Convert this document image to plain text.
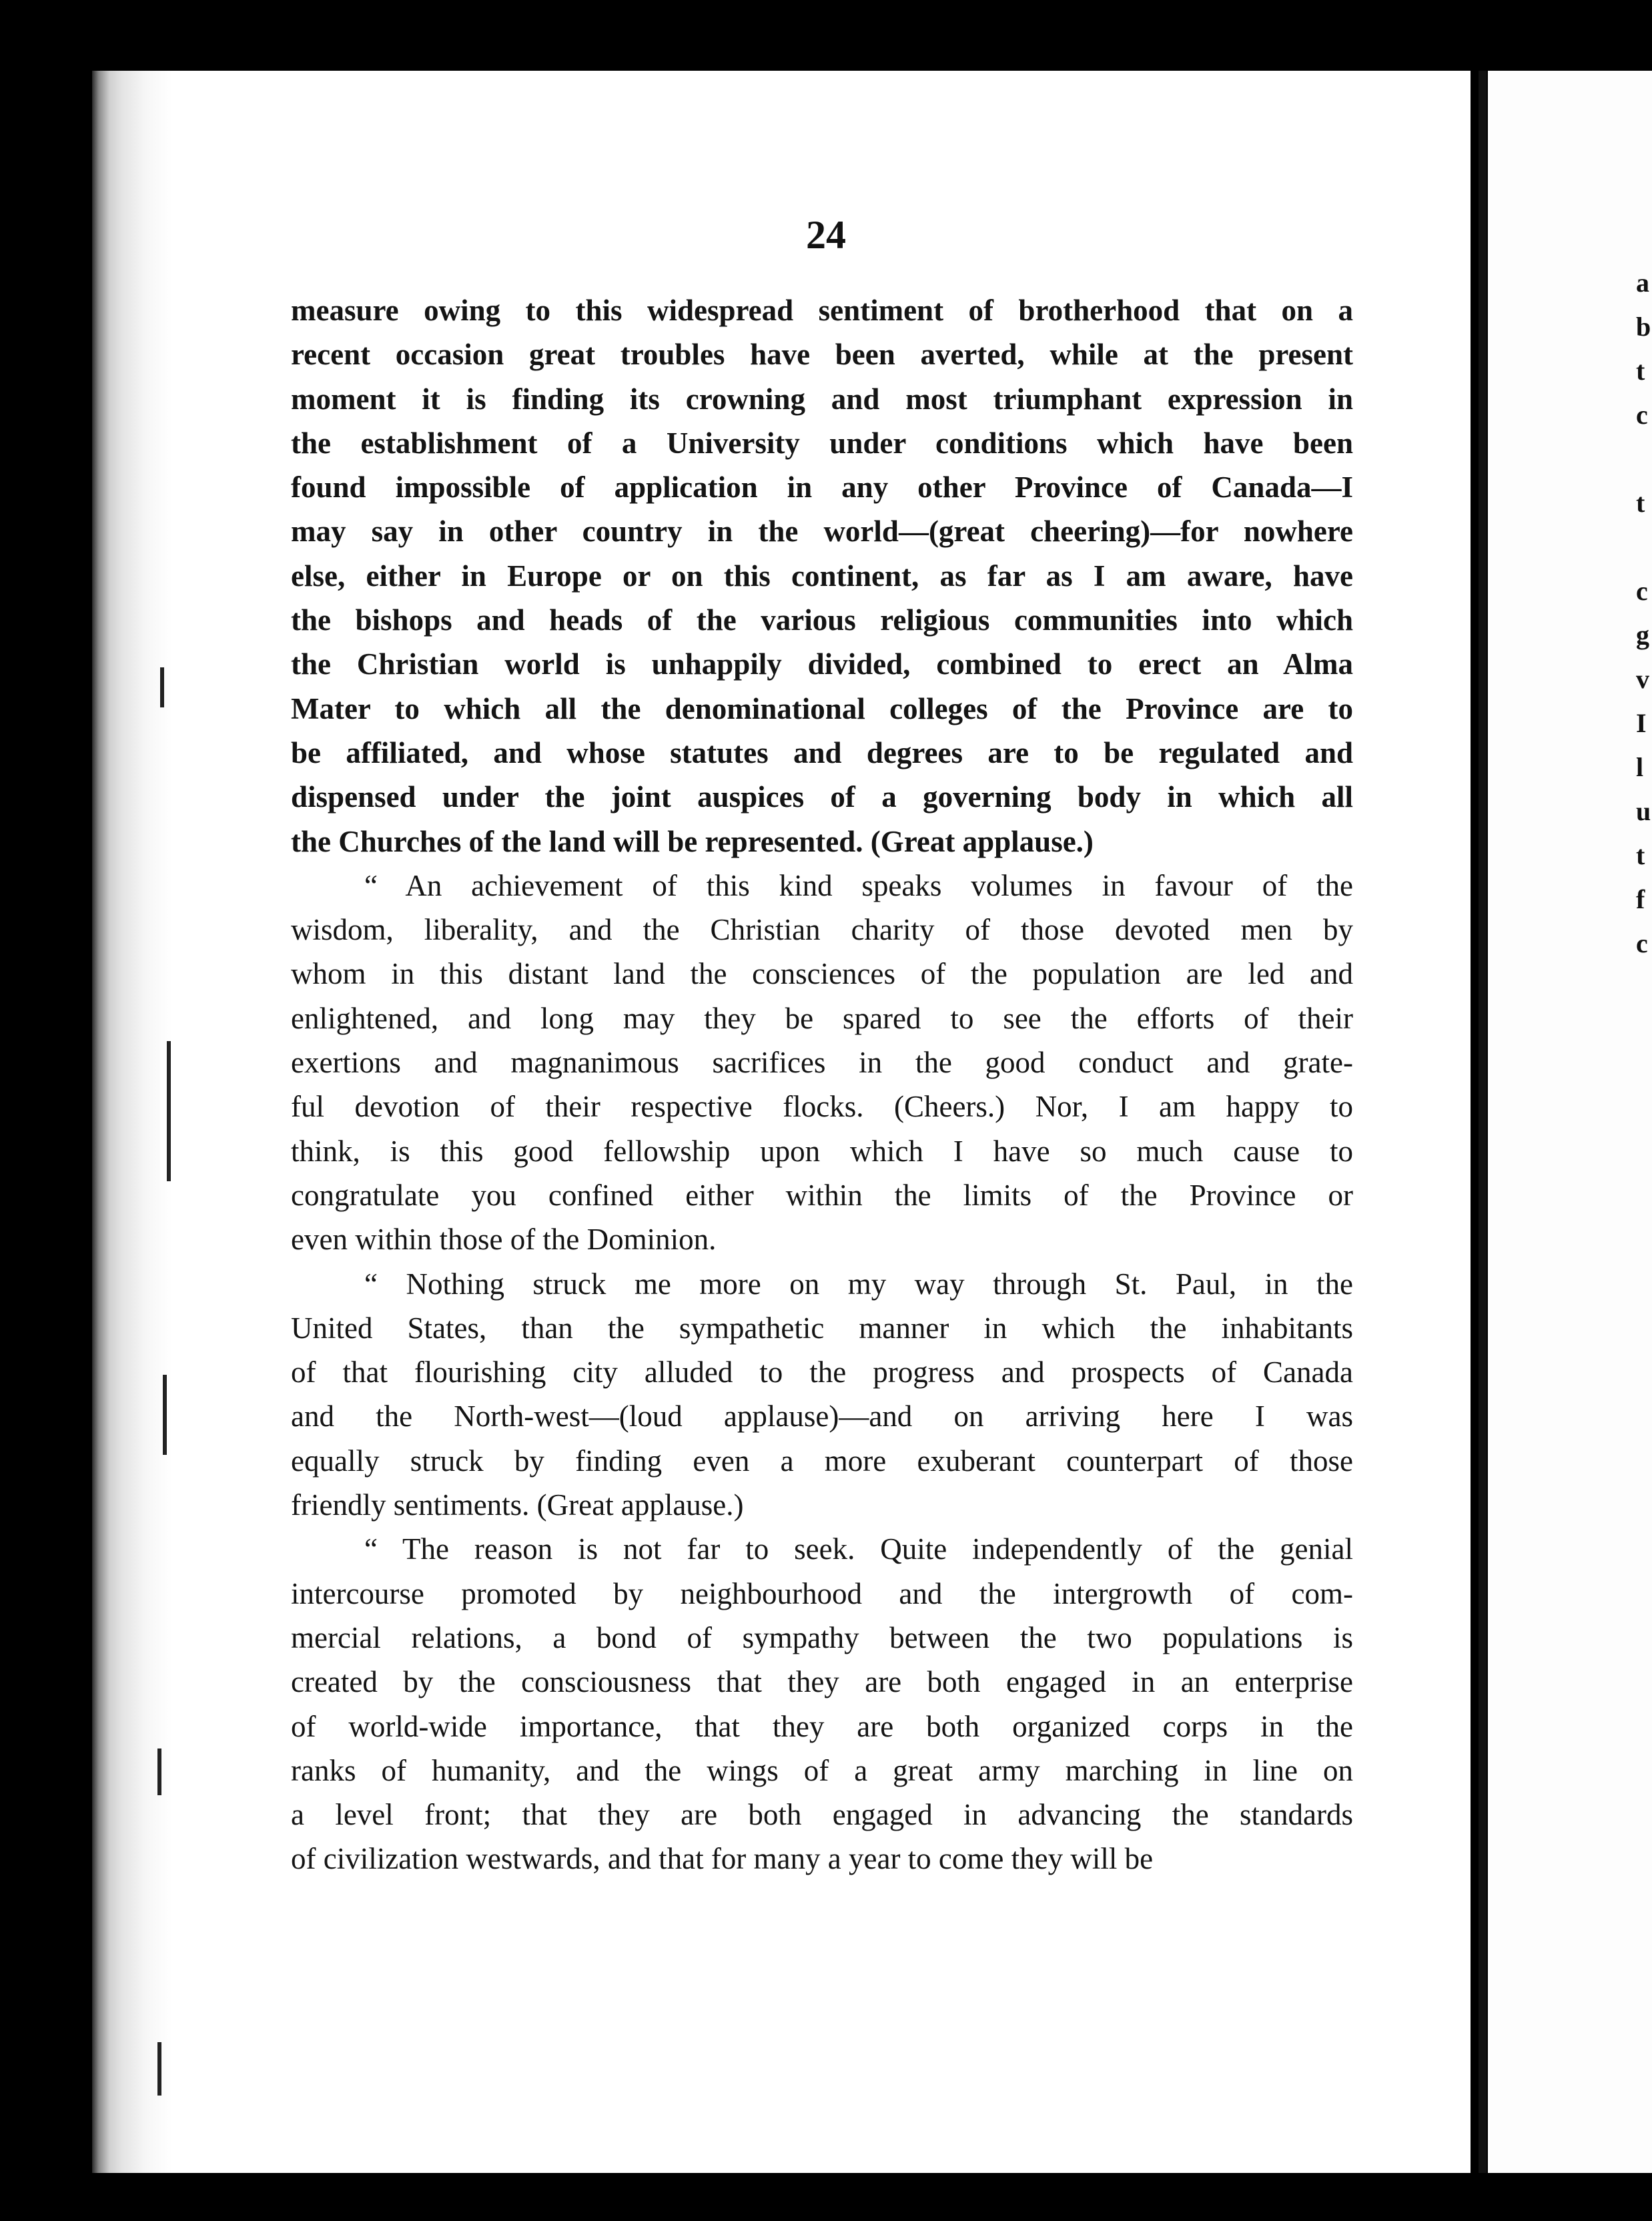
a
b
t
c
t
c
g
v
I
l
u
t
f
c
24
measure owing to this widespread sentiment of brotherhood that on a
recent occasion great troubles have been averted, while at the present
moment it is finding its crowning and most triumphant expression in
the establishment of a University under conditions which have been
found impossible of application in any other Province of Canada—I
may say in other country in the world—(great cheering)—for nowhere
else, either in Europe or on this continent, as far as I am aware, have
the bishops and heads of the various religious communities into which
the Christian world is unhappily divided, combined to erect an Alma
Mater to which all the denominational colleges of the Province are to
be affiliated, and whose statutes and degrees are to be regulated and
dispensed under the joint auspices of a governing body in which all
the Churches of the land will be represented. (Great applause.)
“ An achievement of this kind speaks volumes in favour of the
wisdom, liberality, and the Christian charity of those devoted men by
whom in this distant land the consciences of the population are led and
enlightened, and long may they be spared to see the efforts of their
exertions and magnanimous sacrifices in the good conduct and grate-
ful devotion of their respective flocks. (Cheers.) Nor, I am happy to
think, is this good fellowship upon which I have so much cause to
congratulate you confined either within the limits of the Province or
even within those of the Dominion.
“ Nothing struck me more on my way through St. Paul, in the
United States, than the sympathetic manner in which the inhabitants
of that flourishing city alluded to the progress and prospects of Canada
and the North-west—(loud applause)—and on arriving here I was
equally struck by finding even a more exuberant counterpart of those
friendly sentiments. (Great applause.)
“ The reason is not far to seek. Quite independently of the genial
intercourse promoted by neighbourhood and the intergrowth of com-
mercial relations, a bond of sympathy between the two populations is
created by the consciousness that they are both engaged in an enterprise
of world-wide importance, that they are both organized corps in the
ranks of humanity, and the wings of a great army marching in line on
a level front; that they are both engaged in advancing the standards
of civilization westwards, and that for many a year to come they will be
